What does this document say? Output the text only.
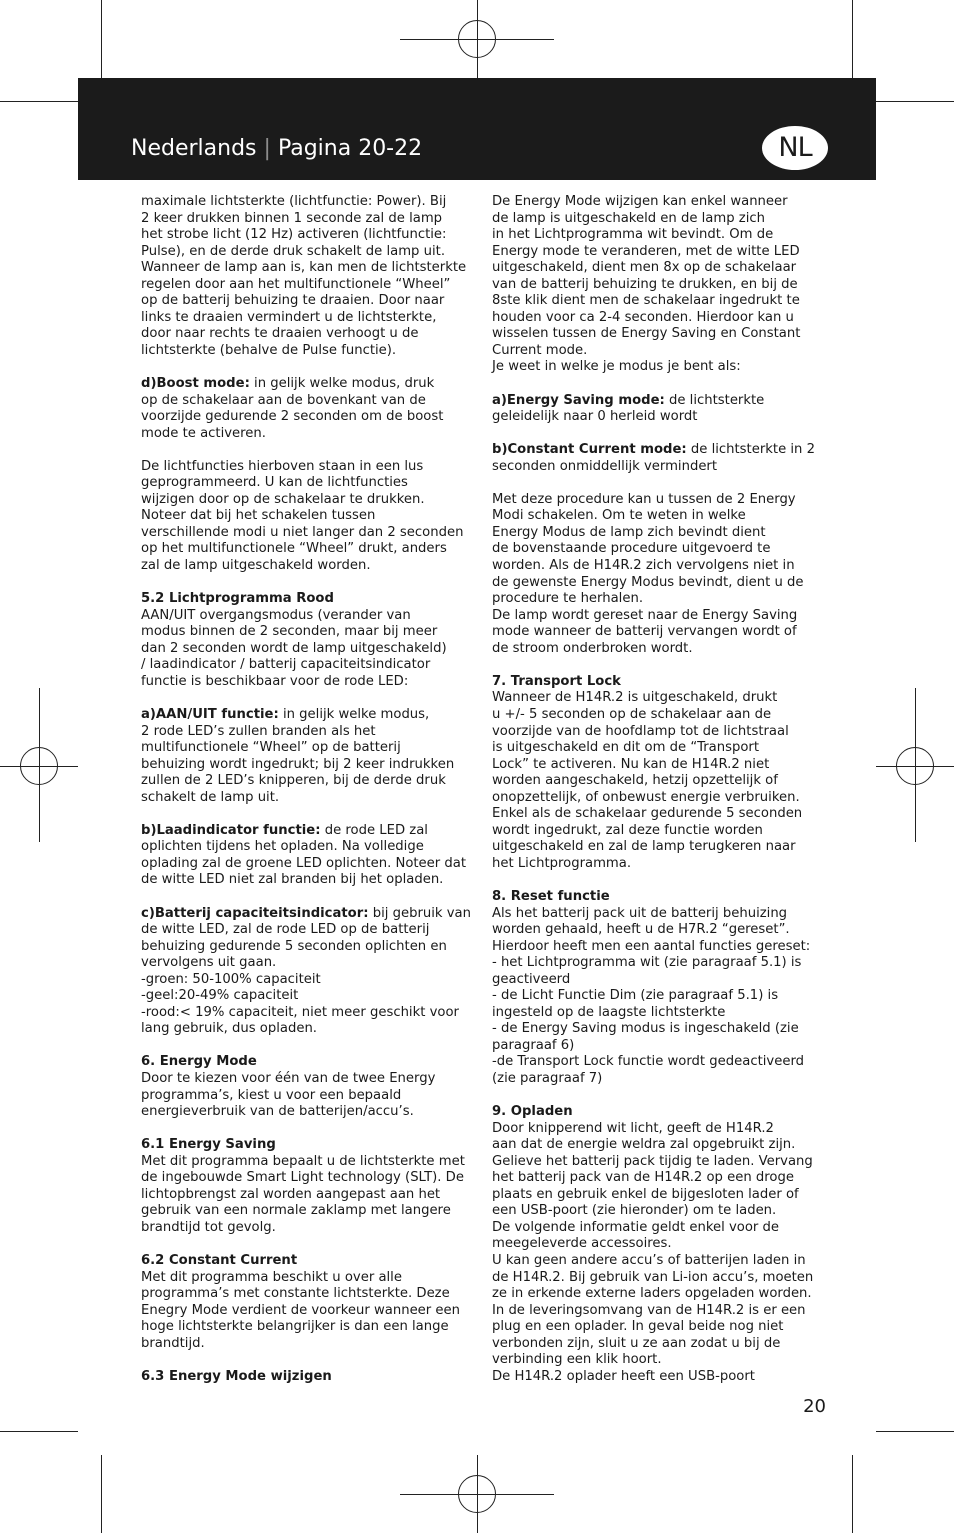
Nederlands | Pagina 20-22	NL

maximale lichtsterkte (lichtfunctie: Power). Bij
2 keer drukken binnen 1 seconde zal de lamp
het strobe licht (12 Hz) activeren (lichtfunctie:
Pulse), en de derde druk schakelt de lamp uit.
Wanneer de lamp aan is, kan men de lichtsterkte
regelen door aan het multifunctionele “Wheel”
op de batterij behuizing te draaien. Door naar
links te draaien vermindert u de lichtsterkte,
door naar rechts te draaien verhoogt u de
lichtsterkte (behalve de Pulse functie).

d)Boost mode: in gelijk welke modus, druk
op de schakelaar aan de bovenkant van de
voorzijde gedurende 2 seconden om de boost
mode te activeren.

De lichtfuncties hierboven staan in een lus
geprogrammeerd. U kan de lichtfuncties
wijzigen door op de schakelaar te drukken.
Noteer dat bij het schakelen tussen
verschillende modi u niet langer dan 2 seconden
op het multifunctionele “Wheel” drukt, anders
zal de lamp uitgeschakeld worden.

5.2 Lichtprogramma Rood
AAN/UIT overgangsmodus (verander van
modus binnen de 2 seconden, maar bij meer
dan 2 seconden wordt de lamp uitgeschakeld)
/ laadindicator / batterij capaciteitsindicator
functie is beschikbaar voor de rode LED:

a)AAN/UIT functie: in gelijk welke modus,
2 rode LED’s zullen branden als het
multifunctionele “Wheel” op de batterij
behuizing wordt ingedrukt; bij 2 keer indrukken
zullen de 2 LED’s knipperen, bij de derde druk
schakelt de lamp uit.

b)Laadindicator functie: de rode LED zal
oplichten tijdens het opladen. Na volledige
oplading zal de groene LED oplichten. Noteer dat
de witte LED niet zal branden bij het opladen.

c)Batterij capaciteitsindicator: bij gebruik van
de witte LED, zal de rode LED op de batterij
behuizing gedurende 5 seconden oplichten en
vervolgens uit gaan.
-groen: 50-100% capaciteit
-geel:20-49% capaciteit
-rood:< 19% capaciteit, niet meer geschikt voor
lang gebruik, dus opladen.

6. Energy Mode
Door te kiezen voor één van de twee Energy
programma’s, kiest u voor een bepaald
energieverbruik van de batterijen/accu’s.

6.1 Energy Saving
Met dit programma bepaalt u de lichtsterkte met
de ingebouwde Smart Light technology (SLT). De
lichtopbrengst zal worden aangepast aan het
gebruik van een normale zaklamp met langere
brandtijd tot gevolg.

6.2 Constant Current
Met dit programma beschikt u over alle
programma’s met constante lichtsterkte. Deze
Enegry Mode verdient de voorkeur wanneer een
hoge lichtsterkte belangrijker is dan een lange
brandtijd.

6.3 Energy Mode wijzigen

De Energy Mode wijzigen kan enkel wanneer
de lamp is uitgeschakeld en de lamp zich
in het Lichtprogramma wit bevindt. Om de
Energy mode te veranderen, met de witte LED
uitgeschakeld, dient men 8x op de schakelaar
van de batterij behuizing te drukken, en bij de
8ste klik dient men de schakelaar ingedrukt te
houden voor ca 2-4 seconden. Hierdoor kan u
wisselen tussen de Energy Saving en Constant
Current mode.
Je weet in welke je modus je bent als:

a)Energy Saving mode: de lichtsterkte
geleidelijk naar 0 herleid wordt

b)Constant Current mode: de lichtsterkte in 2
seconden onmiddellijk vermindert

Met deze procedure kan u tussen de 2 Energy
Modi schakelen. Om te weten in welke
Energy Modus de lamp zich bevindt dient
de bovenstaande procedure uitgevoerd te
worden. Als de H14R.2 zich vervolgens niet in
de gewenste Energy Modus bevindt, dient u de
procedure te herhalen.
De lamp wordt gereset naar de Energy Saving
mode wanneer de batterij vervangen wordt of
de stroom onderbroken wordt.

7. Transport Lock
Wanneer de H14R.2 is uitgeschakeld, drukt
u +/- 5 seconden op de schakelaar aan de
voorzijde van de hoofdlamp tot de lichtstraal
is uitgeschakeld en dit om de “Transport
Lock” te activeren. Nu kan de H14R.2 niet
worden aangeschakeld, hetzij opzettelijk of
onopzettelijk, of onbewust energie verbruiken.
Enkel als de schakelaar gedurende 5 seconden
wordt ingedrukt, zal deze functie worden
uitgeschakeld en zal de lamp terugkeren naar
het Lichtprogramma.

8. Reset functie
Als het batterij pack uit de batterij behuizing
worden gehaald, heeft u de H7R.2 “gereset”.
Hierdoor heeft men een aantal functies gereset:
- het Lichtprogramma wit (zie paragraaf 5.1) is
geactiveerd
- de Licht Functie Dim (zie paragraaf 5.1) is
ingesteld op de laagste lichtsterkte
- de Energy Saving modus is ingeschakeld (zie
paragraaf 6)
-de Transport Lock functie wordt gedeactiveerd
(zie paragraaf 7)

9. Opladen
Door knipperend wit licht, geeft de H14R.2
aan dat de energie weldra zal opgebruikt zijn.
Gelieve het batterij pack tijdig te laden. Vervang
het batterij pack van de H14R.2 op een droge
plaats en gebruik enkel de bijgesloten lader of
een USB-poort (zie hieronder) om te laden.
De volgende informatie geldt enkel voor de
meegeleverde accessoires.
U kan geen andere accu’s of batterijen laden in
de H14R.2. Bij gebruik van Li-ion accu’s, moeten
ze in erkende externe laders opgeladen worden.
In de leveringsomvang van de H14R.2 is er een
plug en een oplader. In geval beide nog niet
verbonden zijn, sluit u ze aan zodat u bij de
verbinding een klik hoort.
De H14R.2 oplader heeft een USB-poort

20
